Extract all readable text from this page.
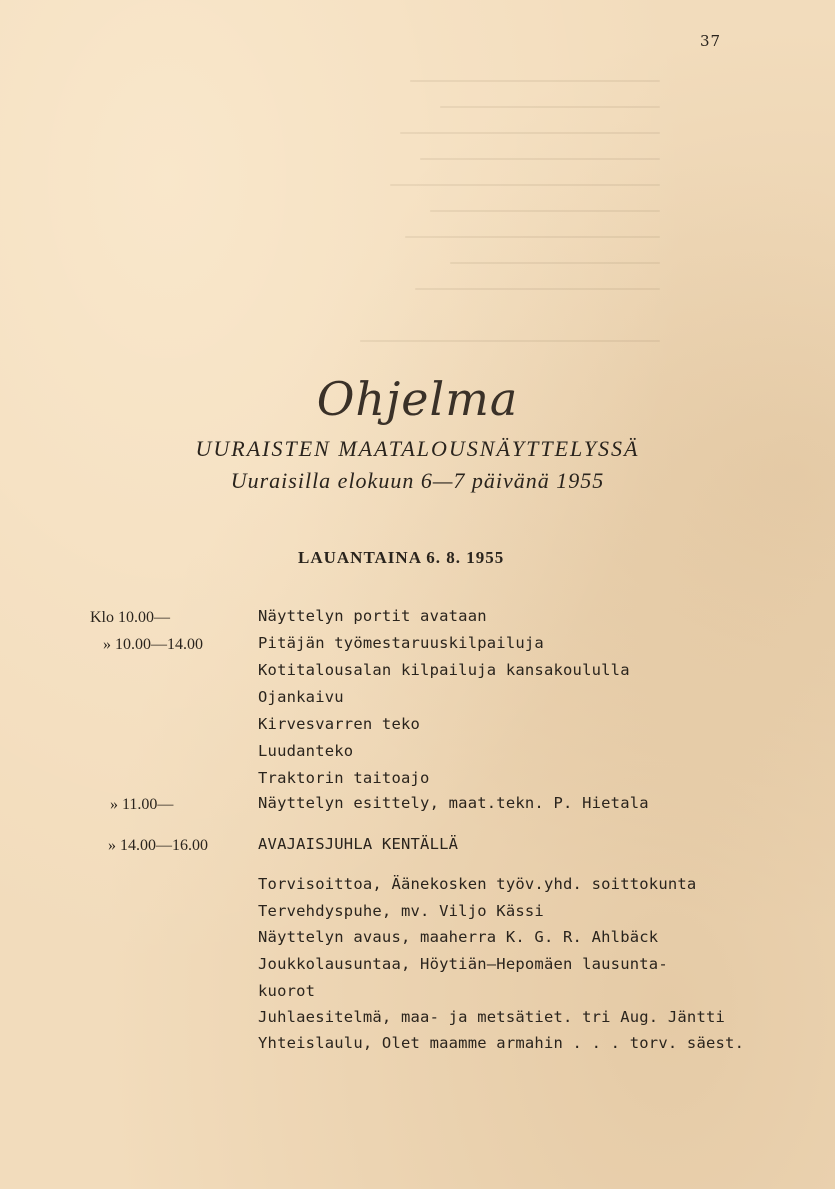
37
Ohjelma
UURAISTEN MAATALOUSNÄYTTELYSSÄ
Uuraisilla elokuun 6—7 päivänä 1955
LAUANTAINA 6. 8. 1955
Klo 10.00—	Näyttelyn portit avataan
» 10.00—14.00	Pitäjän työmestaruuskilpailuja
Kotitalousalan kilpailuja kansakoululla
Ojankaivu
Kirvesvarren teko
Luudanteko
Traktorin taitoajo
» 11.00—	Näyttelyn esittely, maat.tekn. P. Hietala
» 14.00—16.00	AVAJAISJUHLA KENTÄLLÄ
Torvisoittoa, Äänekosken työv.yhd. soittokunta
Tervehdyspuhe, mv. Viljo Kässi
Näyttelyn avaus, maaherra K. G. R. Ahlbäck
Joukkolausuntaa, Höytiän—Hepomäen lausunta-
kuorot
Juhlaesitelmä, maa- ja metsätiet. tri Aug. Jäntti
Yhteislaulu, Olet maamme armahin . . . torv. säest.
